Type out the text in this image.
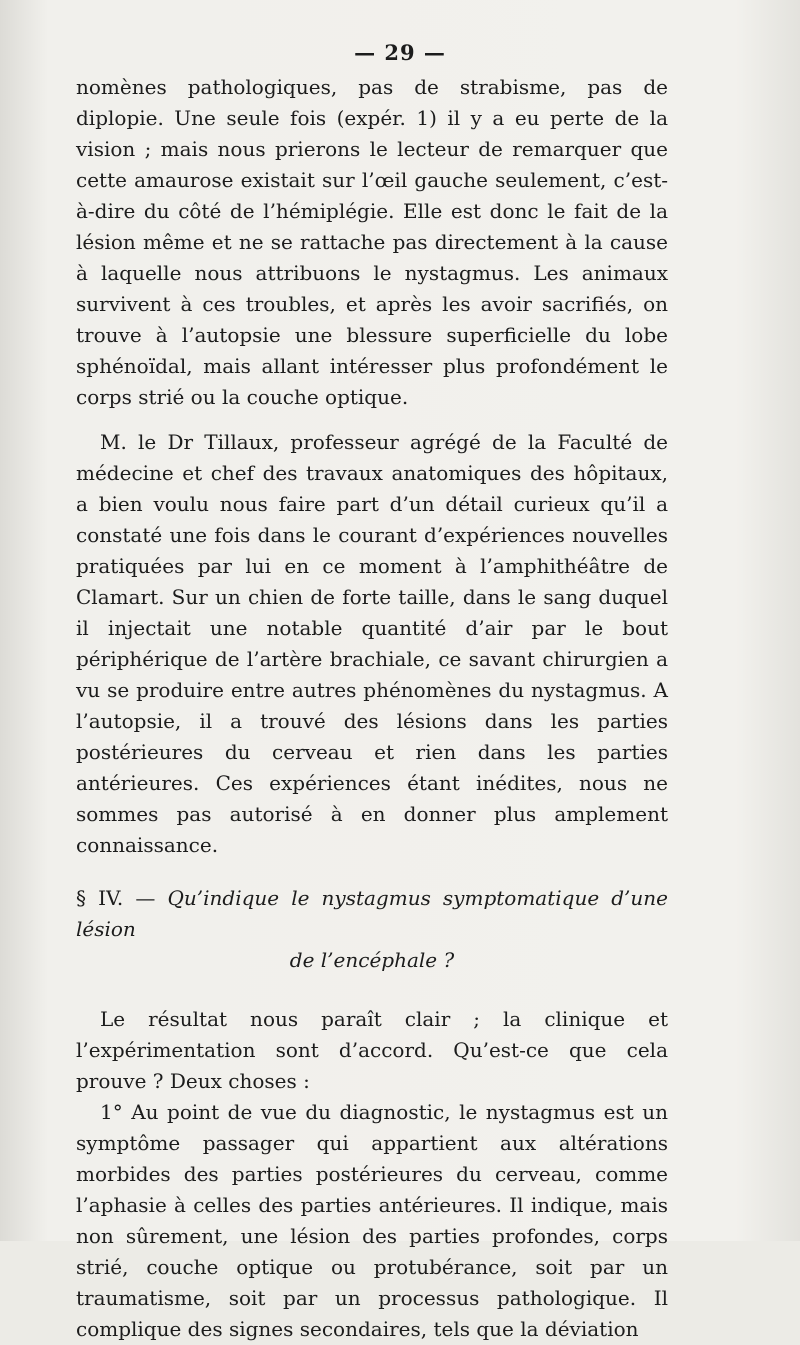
— 29 —

nomènes pathologiques, pas de strabisme, pas de diplopie. Une seule fois (expér. 1) il y a eu perte de la vision ; mais nous prierons le lecteur de remarquer que cette amaurose existait sur l’œil gauche seulement, c’est-à-dire du côté de l’hémiplégie. Elle est donc le fait de la lésion même et ne se rattache pas directement à la cause à laquelle nous attribuons le nystagmus. Les animaux survivent à ces troubles, et après les avoir sacrifiés, on trouve à l’autopsie une blessure superficielle du lobe sphénoïdal, mais allant intéresser plus profondément le corps strié ou la couche optique.

M. le Dr Tillaux, professeur agrégé de la Faculté de médecine et chef des travaux anatomiques des hôpitaux, a bien voulu nous faire part d’un détail curieux qu’il a constaté une fois dans le courant d’expériences nouvelles pratiquées par lui en ce moment à l’amphithéâtre de Clamart. Sur un chien de forte taille, dans le sang duquel il injectait une notable quantité d’air par le bout périphérique de l’artère brachiale, ce savant chirurgien a vu se produire entre autres phénomènes du nystagmus. A l’autopsie, il a trouvé des lésions dans les parties postérieures du cerveau et rien dans les parties antérieures. Ces expériences étant inédites, nous ne sommes pas autorisé à en donner plus amplement connaissance.

§ IV. — Qu’indique le nystagmus symptomatique d’une lésion
de l’encéphale ?

Le résultat nous paraît clair ; la clinique et l’expérimentation sont d’accord. Qu’est-ce que cela prouve ? Deux choses :

1° Au point de vue du diagnostic, le nystagmus est un symptôme passager qui appartient aux altérations morbides des parties postérieures du cerveau, comme l’aphasie à celles des parties antérieures. Il indique, mais non sûrement, une lésion des parties profondes, corps strié, couche optique ou protubérance, soit par un traumatisme, soit par un processus pathologique. Il complique des signes secondaires, tels que la déviation
